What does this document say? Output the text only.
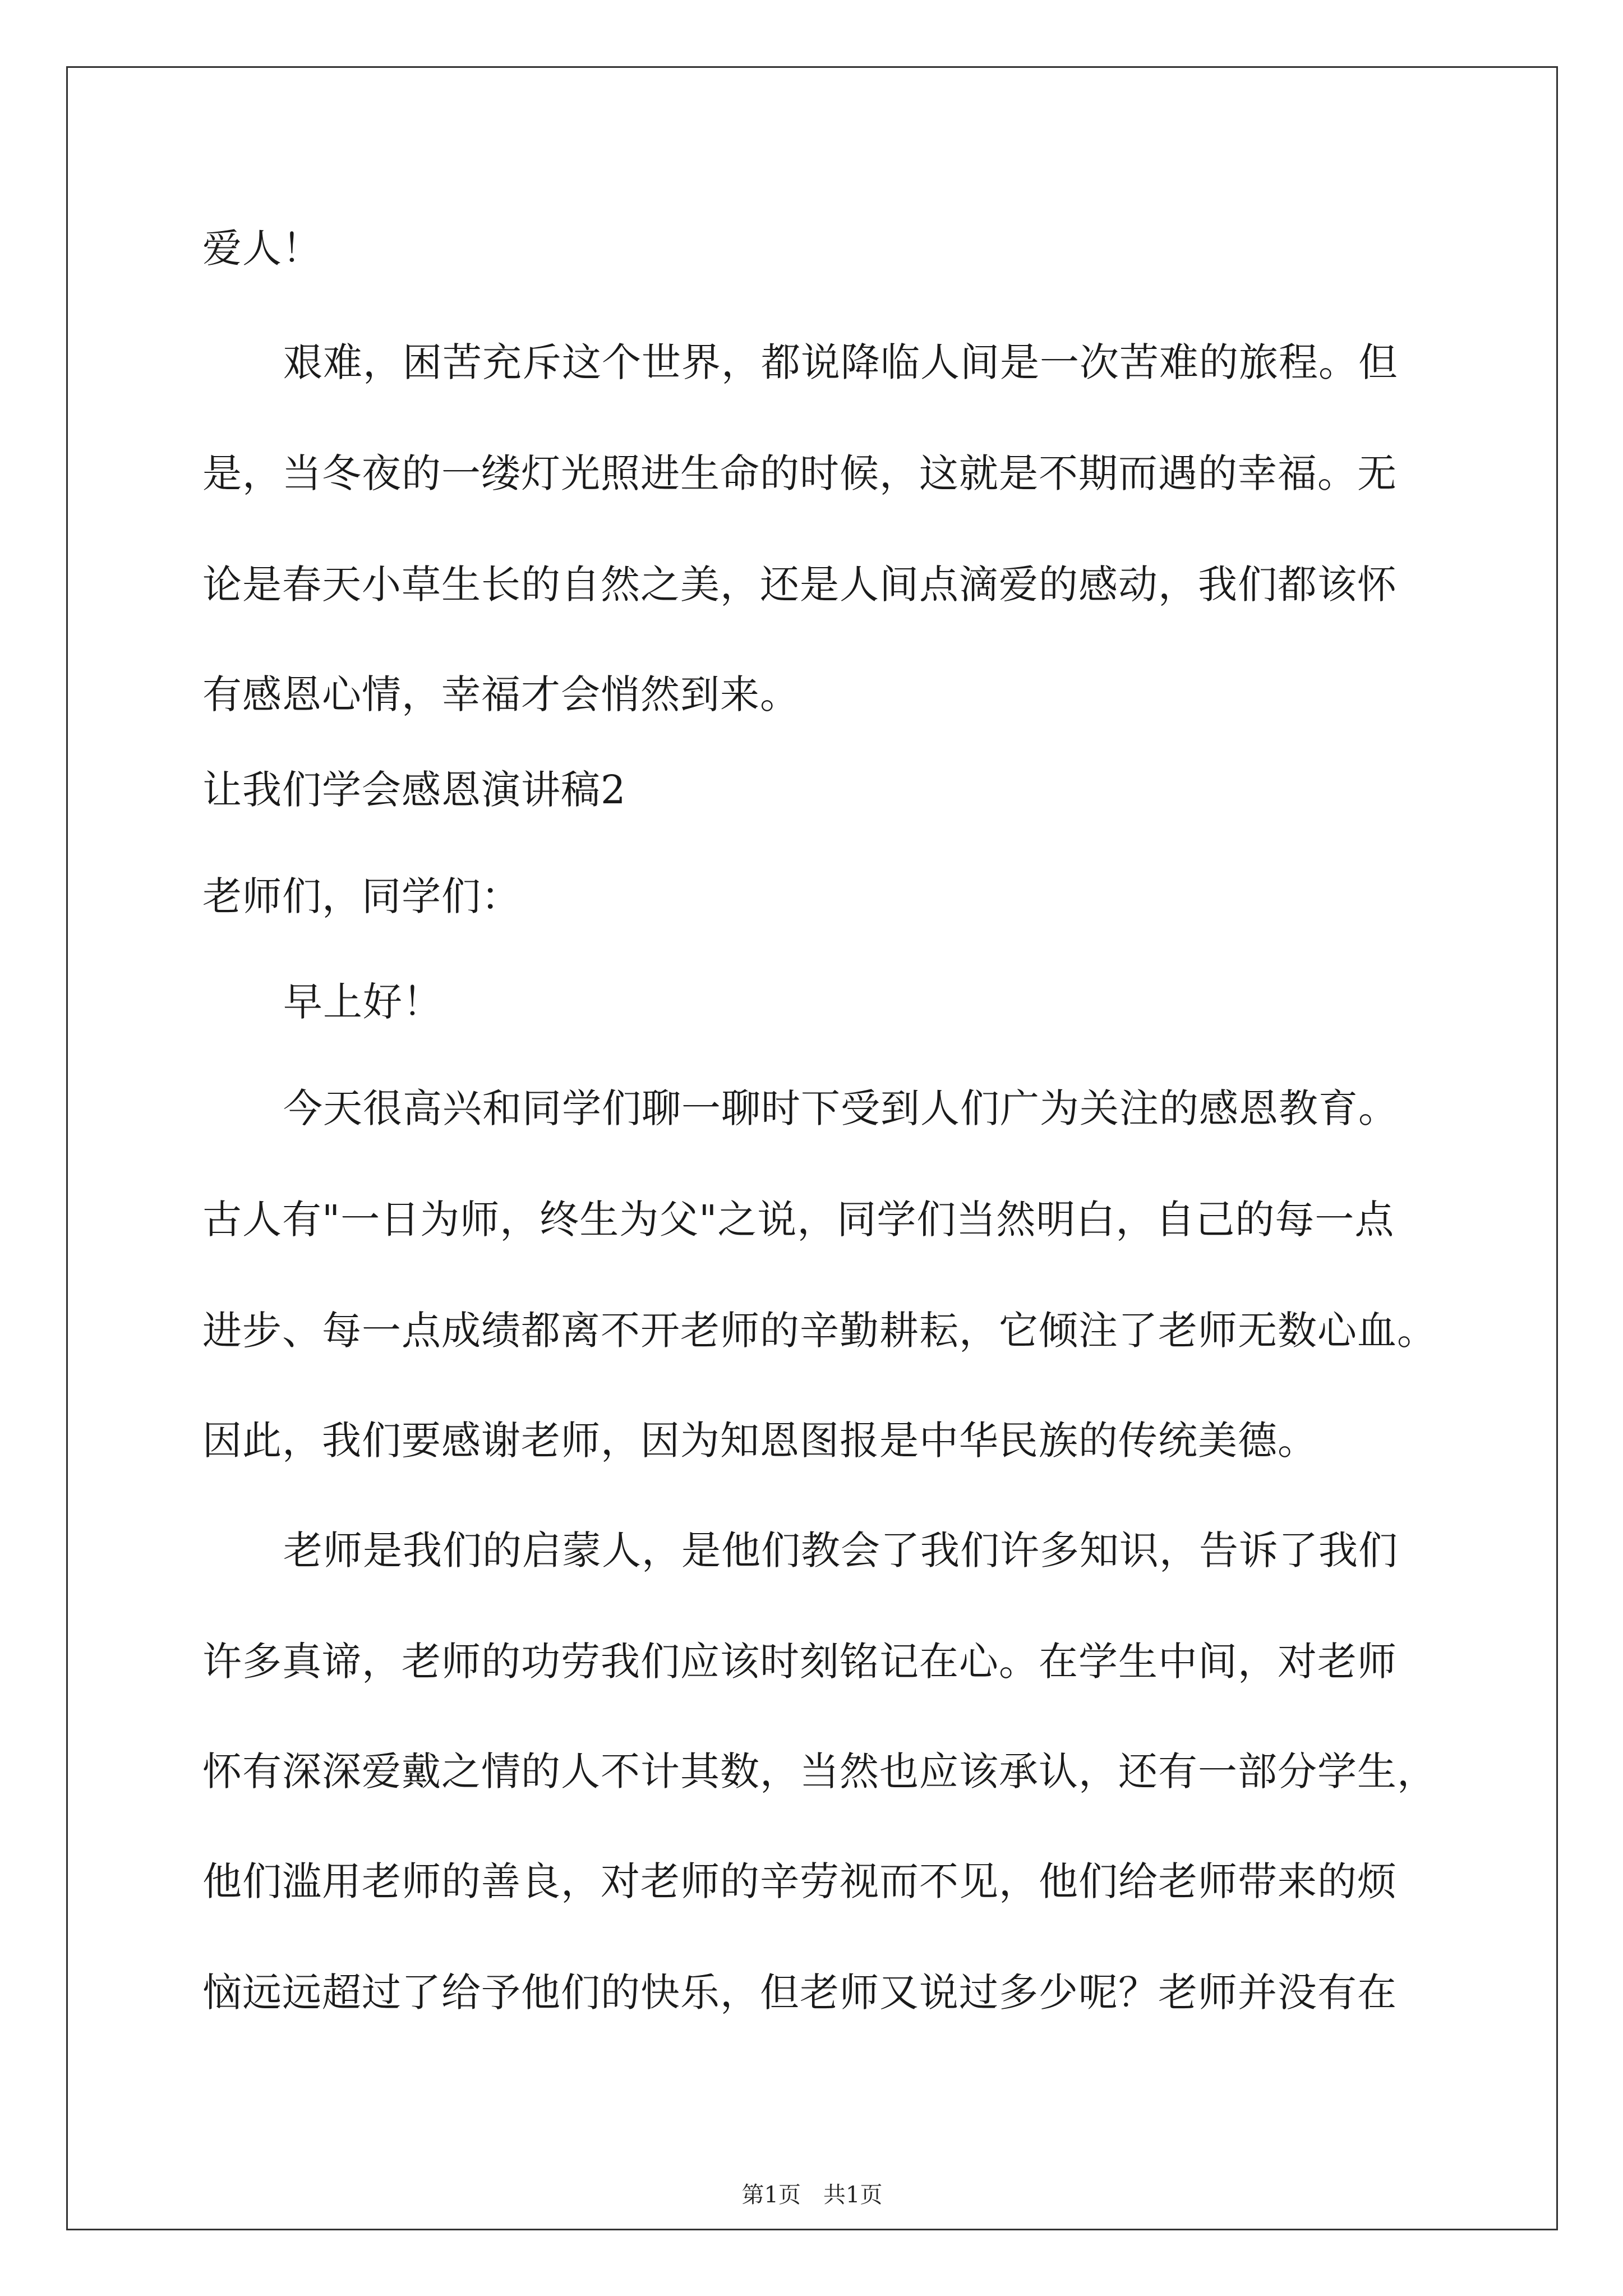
爱人！
艰难，困苦充斥这个世界，都说降临人间是一次苦难的旅程。但
是，当冬夜的一缕灯光照进生命的时候，这就是不期而遇的幸福。无
论是春天小草生长的自然之美，还是人间点滴爱的感动，我们都该怀
有感恩心情，幸福才会悄然到来。
让我们学会感恩演讲稿2
老师们，同学们：
早上好！
今天很高兴和同学们聊一聊时下受到人们广为关注的感恩教育。
古人有"一日为师，终生为父"之说，同学们当然明白，自己的每一点
进步、每一点成绩都离不开老师的辛勤耕耘，它倾注了老师无数心血。
因此，我们要感谢老师，因为知恩图报是中华民族的传统美德。
老师是我们的启蒙人，是他们教会了我们许多知识，告诉了我们
许多真谛，老师的功劳我们应该时刻铭记在心。在学生中间，对老师
怀有深深爱戴之情的人不计其数，当然也应该承认，还有一部分学生，
他们滥用老师的善良，对老师的辛劳视而不见，他们给老师带来的烦
恼远远超过了给予他们的快乐，但老师又说过多少呢？老师并没有在
第1页　共1页
